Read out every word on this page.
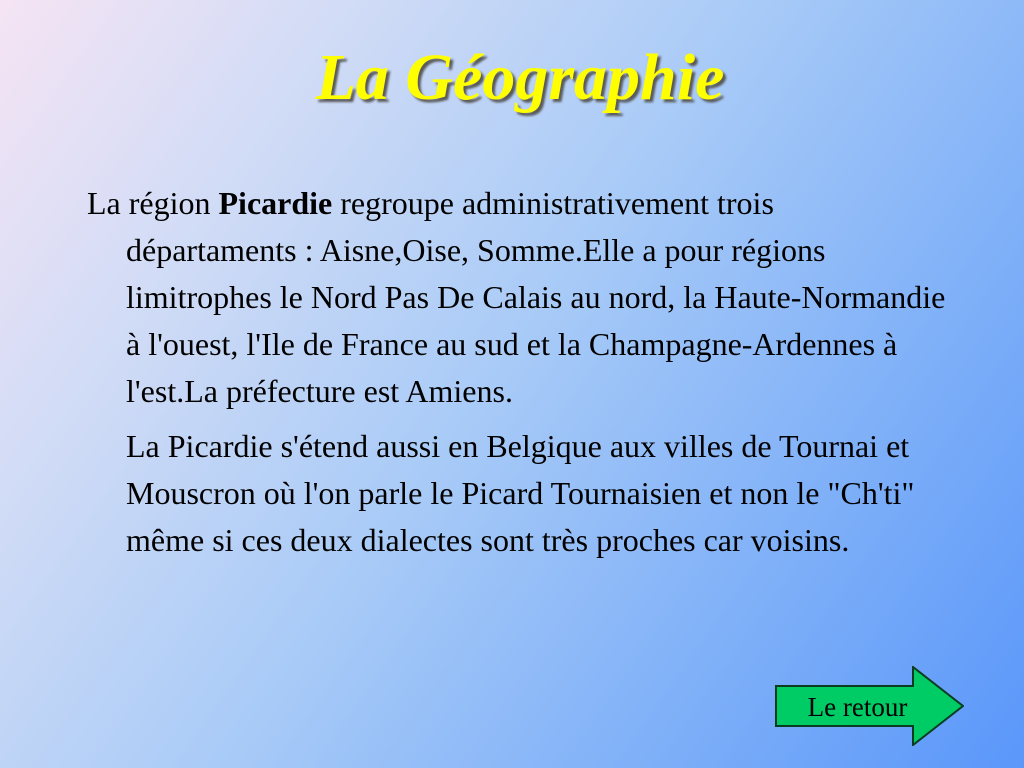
La Géographie

La région Picardie regroupe administrativement trois départaments : Aisne,Oise, Somme.Elle a pour régions limitrophes le Nord Pas De Calais au nord, la Haute-Normandie à l'ouest, l'Ile de France au sud et la Champagne-Ardennes à l'est.La préfecture est Amiens.

La Picardie s'étend aussi en Belgique aux villes de Tournai et Mouscron où l'on parle le Picard Tournaisien et non le "Ch'ti" même si ces deux dialectes sont très proches car voisins.

Le retour
